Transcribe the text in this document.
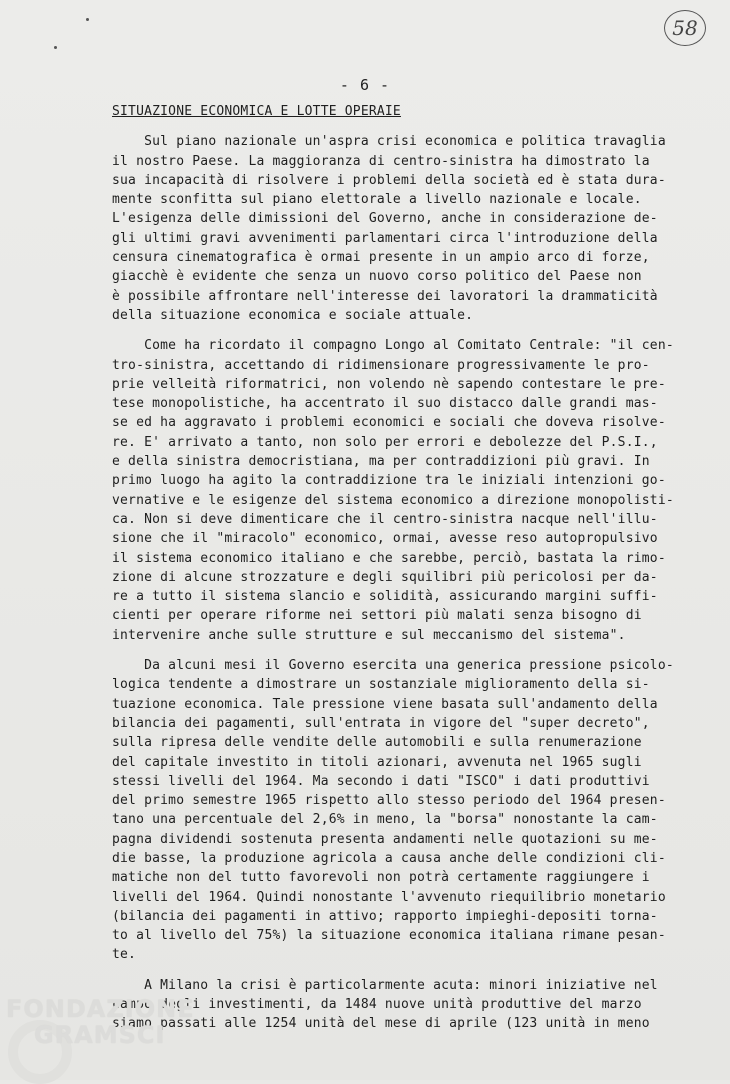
58
- 6 -
SITUAZIONE ECONOMICA E LOTTE OPERAIE
Sul piano nazionale un'aspra crisi economica e politica travaglia
il nostro Paese. La maggioranza di centro-sinistra ha dimostrato la
sua incapacità di risolvere i problemi della società ed è stata dura-
mente sconfitta sul piano elettorale a livello nazionale e locale.
L'esigenza delle dimissioni del Governo, anche in considerazione de-
gli ultimi gravi avvenimenti parlamentari circa l'introduzione della
censura cinematografica è ormai presente in un ampio arco di forze,
giacchè è evidente che senza un nuovo corso politico del Paese non
è possibile affrontare nell'interesse dei lavoratori la drammaticità
della situazione economica e sociale attuale.
Come ha ricordato il compagno Longo al Comitato Centrale: "il cen-
tro-sinistra, accettando di ridimensionare progressivamente le pro-
prie velleità riformatrici, non volendo nè sapendo contestare le pre-
tese monopolistiche, ha accentrato il suo distacco dalle grandi mas-
se ed ha aggravato i problemi economici e sociali che doveva risolve-
re. E' arrivato a tanto, non solo per errori e debolezze del P.S.I.,
e della sinistra democristiana, ma per contraddizioni più gravi. In
primo luogo ha agito la contraddizione tra le iniziali intenzioni go-
vernative e le esigenze del sistema economico a direzione monopolisti-
ca. Non si deve dimenticare che il centro-sinistra nacque nell'illu-
sione che il "miracolo" economico, ormai, avesse reso autopropulsivo
il sistema economico italiano e che sarebbe, perciò, bastata la rimo-
zione di alcune strozzature e degli squilibri più pericolosi per da-
re a tutto il sistema slancio e solidità, assicurando margini suffi-
cienti per operare riforme nei settori più malati senza bisogno di
intervenire anche sulle strutture e sul meccanismo del sistema".
Da alcuni mesi il Governo esercita una generica pressione psicolo-
logica tendente a dimostrare un sostanziale miglioramento della si-
tuazione economica. Tale pressione viene basata sull'andamento della
bilancia dei pagamenti, sull'entrata in vigore del "super decreto",
sulla ripresa delle vendite delle automobili e sulla renumerazione
del capitale investito in titoli azionari, avvenuta nel 1965 sugli
stessi livelli del 1964. Ma secondo i dati "ISCO" i dati produttivi
del primo semestre 1965 rispetto allo stesso periodo del 1964 presen-
tano una percentuale del 2,6% in meno, la "borsa" nonostante la cam-
pagna dividendi sostenuta presenta andamenti nelle quotazioni su me-
die basse, la produzione agricola a causa anche delle condizioni cli-
matiche non del tutto favorevoli non potrà certamente raggiungere i
livelli del 1964. Quindi nonostante l'avvenuto riequilibrio monetario
(bilancia dei pagamenti in attivo; rapporto impieghi-depositi torna-
to al livello del 75%) la situazione economica italiana rimane pesan-
te.
A Milano la crisi è particolarmente acuta: minori iniziative nel
campo degli investimenti, da 1484 nuove unità produttive del marzo
siamo passati alle 1254 unità del mese di aprile (123 unità in meno
FONDAZIONE
GRAMSCI
